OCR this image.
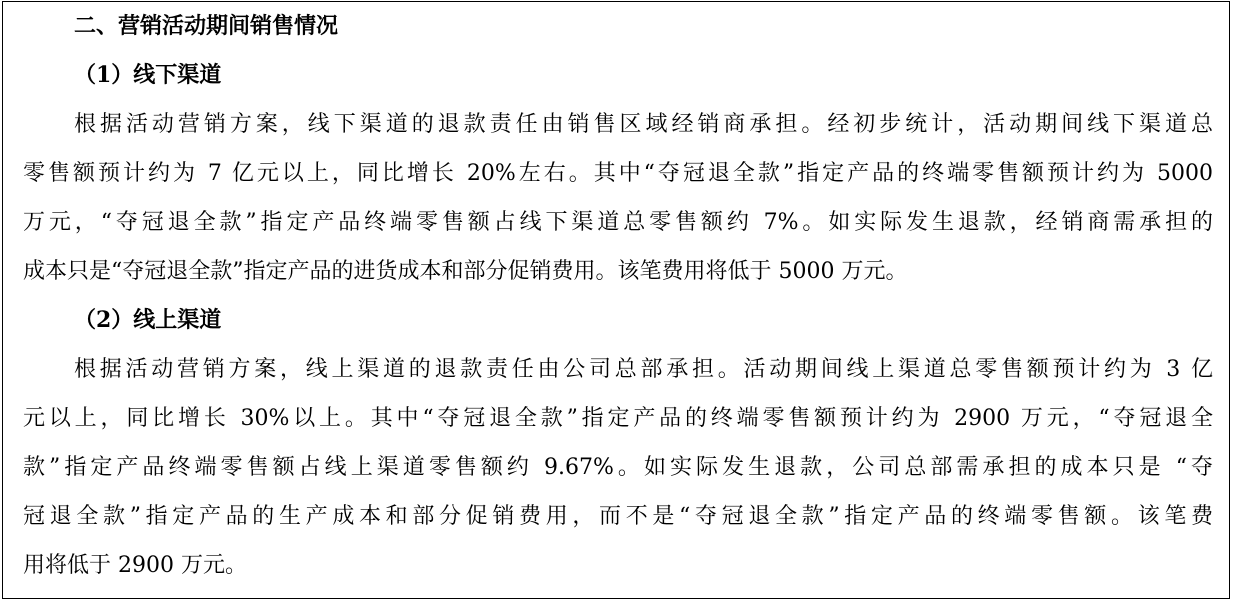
二、营销活动期间销售情况
（1）线下渠道
根据活动营销方案，线下渠道的退款责任由销售区域经销商承担。经初步统计，活动期间线下渠道总
零售额预计约为 7 亿元以上，同比增长 20%左右。其中“夺冠退全款”指定产品的终端零售额预计约为 5000
万元，“夺冠退全款”指定产品终端零售额占线下渠道总零售额约 7%。如实际发生退款，经销商需承担的
成本只是“夺冠退全款”指定产品的进货成本和部分促销费用。该笔费用将低于 5000 万元。
（2）线上渠道
根据活动营销方案，线上渠道的退款责任由公司总部承担。活动期间线上渠道总零售额预计约为 3 亿
元以上，同比增长 30%以上。其中“夺冠退全款”指定产品的终端零售额预计约为 2900 万元，“夺冠退全
款”指定产品终端零售额占线上渠道零售额约 9.67%。如实际发生退款，公司总部需承担的成本只是 “夺
冠退全款”指定产品的生产成本和部分促销费用，而不是“夺冠退全款”指定产品的终端零售额。该笔费
用将低于 2900 万元。
